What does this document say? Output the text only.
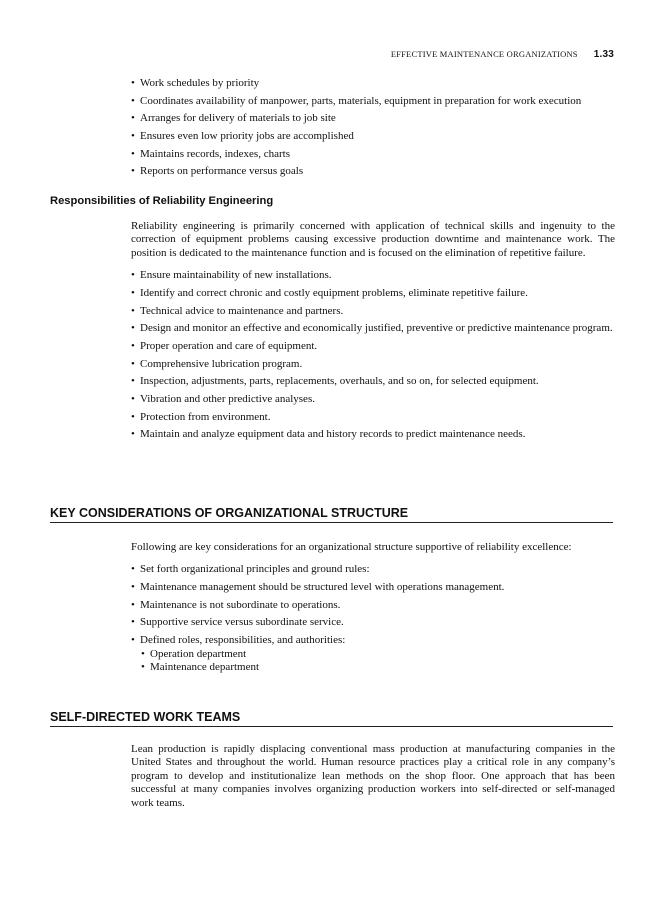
EFFECTIVE MAINTENANCE ORGANIZATIONS 1.33
• Work schedules by priority
• Coordinates availability of manpower, parts, materials, equipment in preparation for work execution
• Arranges for delivery of materials to job site
• Ensures even low priority jobs are accomplished
• Maintains records, indexes, charts
• Reports on performance versus goals
Responsibilities of Reliability Engineering

Reliability engineering is primarily concerned with application of technical skills and ingenuity to the correction of equipment problems causing excessive production downtime and maintenance work. The position is dedicated to the maintenance function and is focused on the elimination of repetitive failure.

• Ensure maintainability of new installations.
• Identify and correct chronic and costly equipment problems, eliminate repetitive failure.
• Technical advice to maintenance and partners.
• Design and monitor an effective and economically justified, preventive or predictive maintenance program.
• Proper operation and care of equipment.
• Comprehensive lubrication program.
• Inspection, adjustments, parts, replacements, overhauls, and so on, for selected equipment.
• Vibration and other predictive analyses.
• Protection from environment.
• Maintain and analyze equipment data and history records to predict maintenance needs.
KEY CONSIDERATIONS OF ORGANIZATIONAL STRUCTURE

Following are key considerations for an organizational structure supportive of reliability excellence:

• Set forth organizational principles and ground rules:
• Maintenance management should be structured level with operations management.
• Maintenance is not subordinate to operations.
• Supportive service versus subordinate service.
• Defined roles, responsibilities, and authorities:
• Operation department
• Maintenance department
SELF-DIRECTED WORK TEAMS

Lean production is rapidly displacing conventional mass production at manufacturing companies in the United States and throughout the world. Human resource practices play a critical role in any company’s program to develop and institutionalize lean methods on the shop floor. One approach that has been successful at many companies involves organizing production workers into self-directed or self-managed work teams.
